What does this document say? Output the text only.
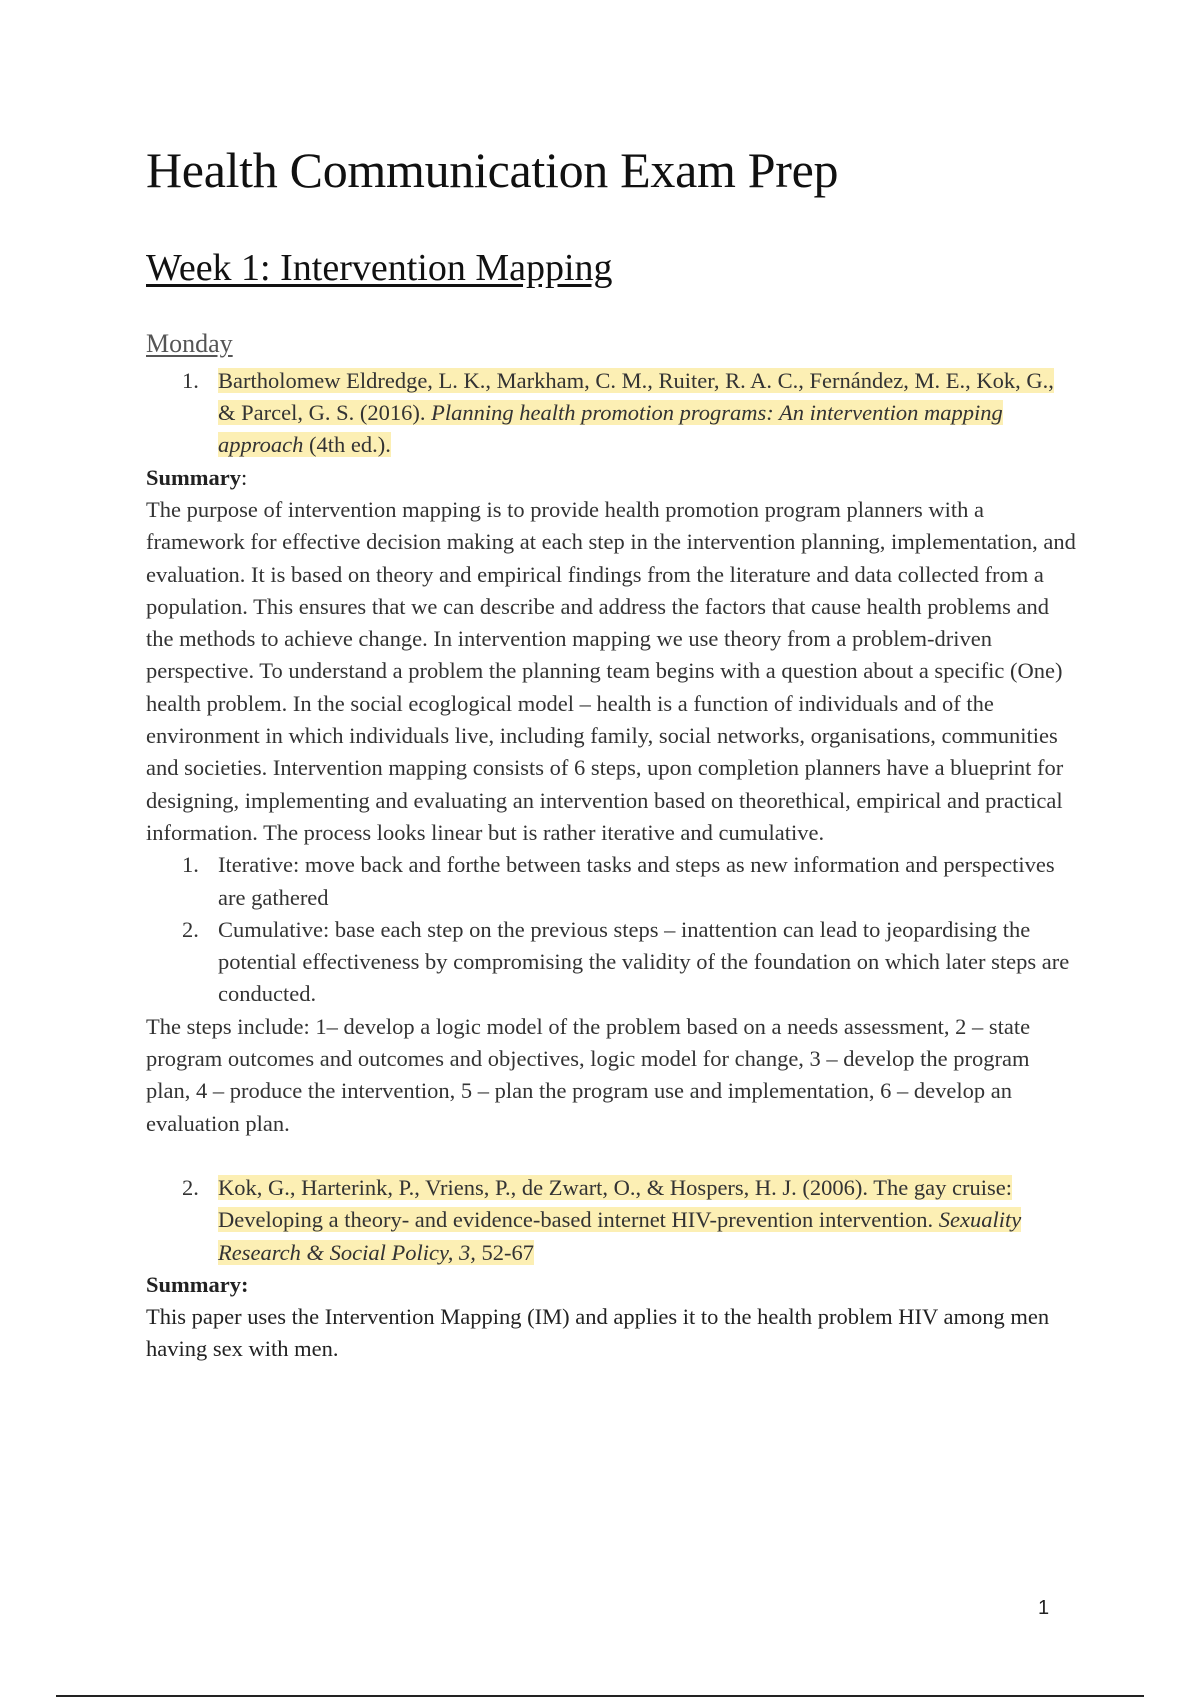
Health Communication Exam Prep
Week 1: Intervention Mapping
Monday
1. Bartholomew Eldredge, L. K., Markham, C. M., Ruiter, R. A. C., Fernández, M. E., Kok, G., & Parcel, G. S. (2016). Planning health promotion programs: An intervention mapping approach (4th ed.).
Summary:

The purpose of intervention mapping is to provide health promotion program planners with a framework for effective decision making at each step in the intervention planning, implementation, and evaluation. It is based on theory and empirical findings from the literature and data collected from a population. This ensures that we can describe and address the factors that cause health problems and the methods to achieve change. In intervention mapping we use theory from a problem-driven perspective. To understand a problem the planning team begins with a question about a specific (One) health problem. In the social ecoglogical model – health is a function of individuals and of the environment in which individuals live, including family, social networks, organisations, communities and societies. Intervention mapping consists of 6 steps, upon completion planners have a blueprint for designing, implementing and evaluating an intervention based on theorethical, empirical and practical information. The process looks linear but is rather iterative and cumulative.

1. Iterative: move back and forthe between tasks and steps as new information and perspectives are gathered
2. Cumulative: base each step on the previous steps – inattention can lead to jeopardising the potential effectiveness by compromising the validity of the foundation on which later steps are conducted.

The steps include: 1– develop a logic model of the problem based on a needs assessment, 2 – state program outcomes and outcomes and objectives, logic model for change, 3 – develop the program plan, 4 – produce the intervention, 5 – plan the program use and implementation, 6 – develop an evaluation plan.

2. Kok, G., Harterink, P., Vriens, P., de Zwart, O., & Hospers, H. J. (2006). The gay cruise: Developing a theory- and evidence-based internet HIV-prevention intervention. Sexuality Research & Social Policy, 3, 52-67
Summary:

This paper uses the Intervention Mapping (IM) and applies it to the health problem HIV among men having sex with men.

1
